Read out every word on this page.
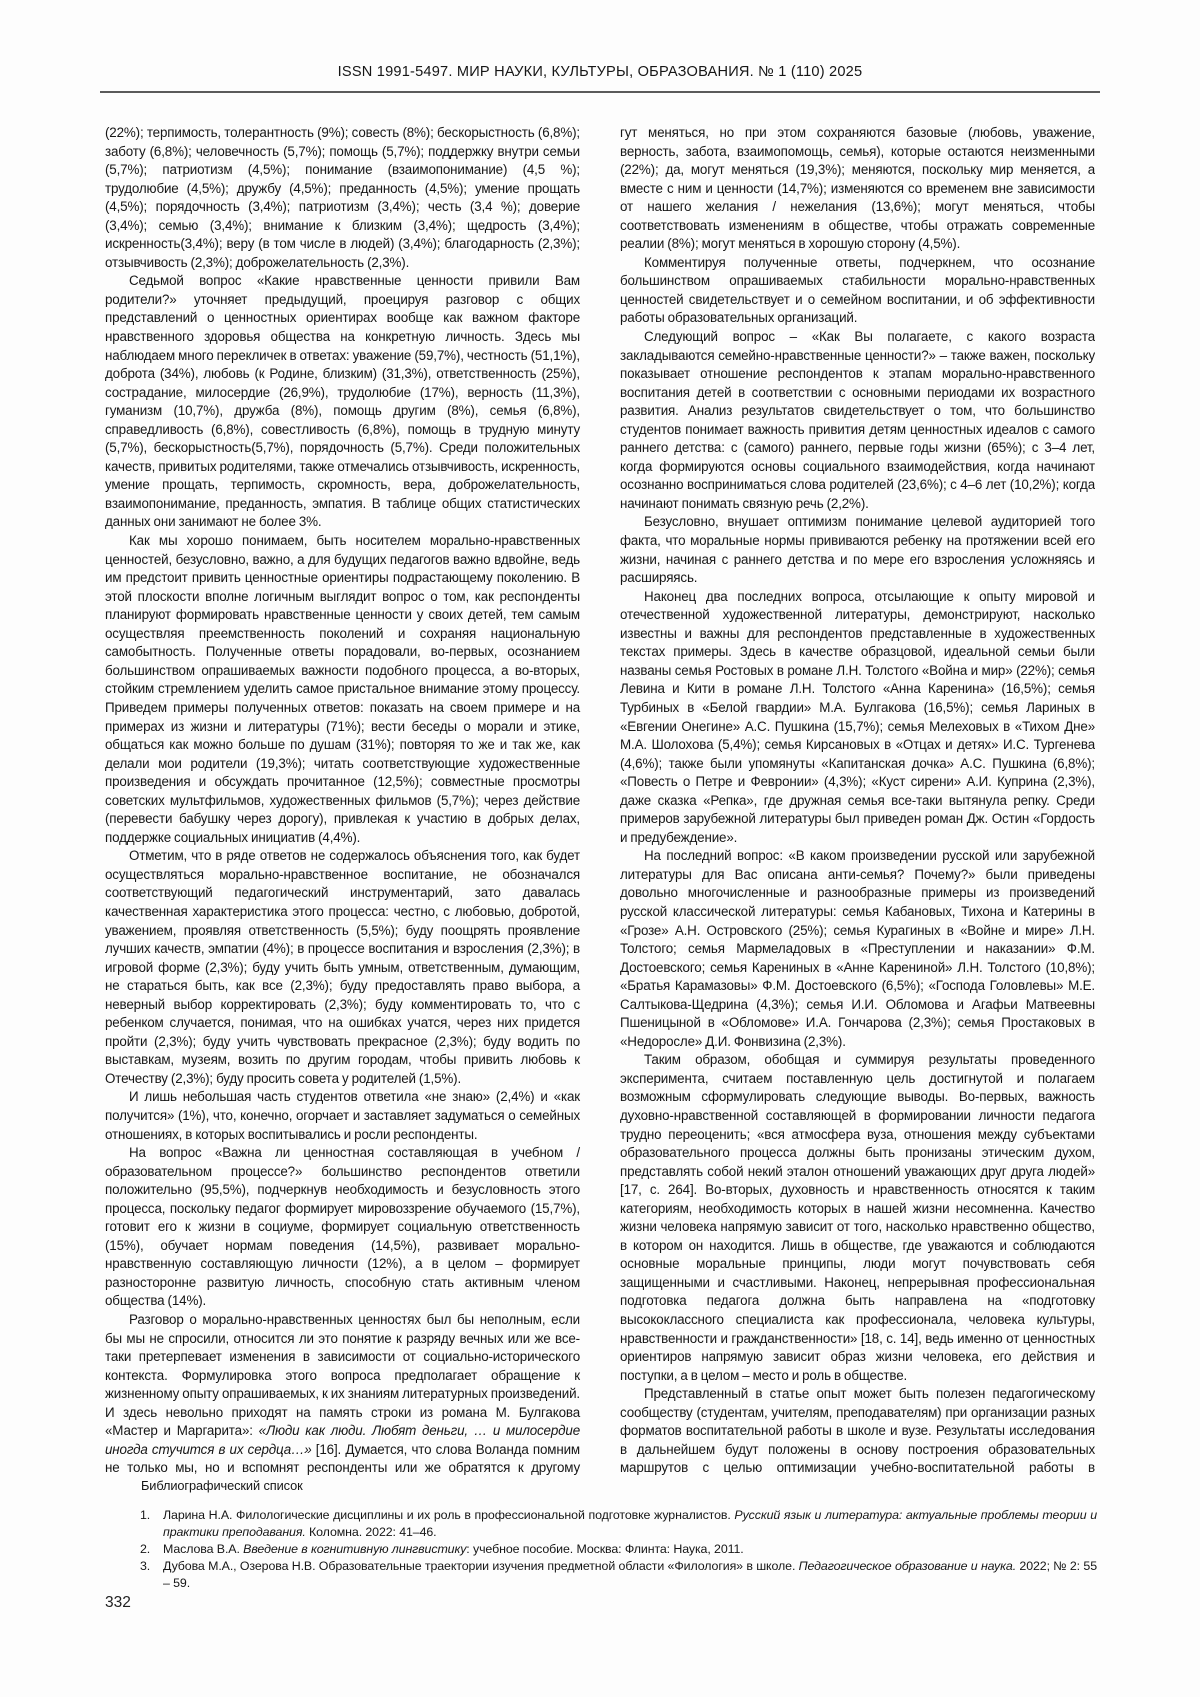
ISSN 1991-5497. МИР НАУКИ, КУЛЬТУРЫ, ОБРАЗОВАНИЯ. № 1 (110) 2025

(22%); терпимость, толерантность (9%); совесть (8%); бескорыстность (6,8%); заботу (6,8%); человечность (5,7%); помощь (5,7%); поддержку внутри семьи (5,7%); патриотизм (4,5%); понимание (взаимопонимание) (4,5 %); трудолюбие (4,5%); дружбу (4,5%); преданность (4,5%); умение прощать (4,5%); порядочность (3,4%); патриотизм (3,4%); честь (3,4 %); доверие (3,4%); семью (3,4%); внимание к близким (3,4%); щедрость (3,4%); искренность(3,4%); веру (в том числе в людей) (3,4%); благодарность (2,3%); отзывчивость (2,3%); доброжелательность (2,3%).

Седьмой вопрос «Какие нравственные ценности привили Вам родители?» уточняет предыдущий, проецируя разговор с общих представлений о ценностных ориентирах вообще как важном факторе нравственного здоровья общества на конкретную личность. Здесь мы наблюдаем много перекличек в ответах: уважение (59,7%), честность (51,1%), доброта (34%), любовь (к Родине, близким) (31,3%), ответственность (25%), сострадание, милосердие (26,9%), трудолюбие (17%), верность (11,3%), гуманизм (10,7%), дружба (8%), помощь другим (8%), семья (6,8%), справедливость (6,8%), совестливость (6,8%), помощь в трудную минуту (5,7%), бескорыстность(5,7%), порядочность (5,7%). Среди положительных качеств, привитых родителями, также отмечались отзывчивость, искренность, умение прощать, терпимость, скромность, вера, доброжелательность, взаимопонимание, преданность, эмпатия. В таблице общих статистических данных они занимают не более 3%.

Как мы хорошо понимаем, быть носителем морально-нравственных ценностей, безусловно, важно, а для будущих педагогов важно вдвойне, ведь им предстоит привить ценностные ориентиры подрастающему поколению. В этой плоскости вполне логичным выглядит вопрос о том, как респонденты планируют формировать нравственные ценности у своих детей, тем самым осуществляя преемственность поколений и сохраняя национальную самобытность. Полученные ответы порадовали, во-первых, осознанием большинством опрашиваемых важности подобного процесса, а во-вторых, стойким стремлением уделить самое пристальное внимание этому процессу. Приведем примеры полученных ответов: показать на своем примере и на примерах из жизни и литературы (71%); вести беседы о морали и этике, общаться как можно больше по душам (31%); повторяя то же и так же, как делали мои родители (19,3%); читать соответствующие художественные произведения и обсуждать прочитанное (12,5%); совместные просмотры советских мультфильмов, художественных фильмов (5,7%); через действие (перевести бабушку через дорогу), привлекая к участию в добрых делах, поддержке социальных инициатив (4,4%).

Отметим, что в ряде ответов не содержалось объяснения того, как будет осуществляться морально-нравственное воспитание, не обозначался соответствующий педагогический инструментарий, зато давалась качественная характеристика этого процесса: честно, с любовью, добротой, уважением, проявляя ответственность (5,5%); буду поощрять проявление лучших качеств, эмпатии (4%); в процессе воспитания и взросления (2,3%); в игровой форме (2,3%); буду учить быть умным, ответственным, думающим, не стараться быть, как все (2,3%); буду предоставлять право выбора, а неверный выбор корректировать (2,3%); буду комментировать то, что с ребенком случается, понимая, что на ошибках учатся, через них придется пройти (2,3%); буду учить чувствовать прекрасное (2,3%); буду водить по выставкам, музеям, возить по другим городам, чтобы привить любовь к Отечеству (2,3%); буду просить совета у родителей (1,5%).

И лишь небольшая часть студентов ответила «не знаю» (2,4%) и «как получится» (1%), что, конечно, огорчает и заставляет задуматься о семейных отношениях, в которых воспитывались и росли респонденты.

На вопрос «Важна ли ценностная составляющая в учебном / образовательном процессе?» большинство респондентов ответили положительно (95,5%), подчеркнув необходимость и безусловность этого процесса, поскольку педагог формирует мировоззрение обучаемого (15,7%), готовит его к жизни в социуме, формирует социальную ответственность (15%), обучает нормам поведения (14,5%), развивает морально-нравственную составляющую личности (12%), а в целом – формирует разносторонне развитую личность, способную стать активным членом общества (14%).

Разговор о морально-нравственных ценностях был бы неполным, если бы мы не спросили, относится ли это понятие к разряду вечных или же все-таки претерпевает изменения в зависимости от социально-исторического контекста. Формулировка этого вопроса предполагает обращение к жизненному опыту опрашиваемых, к их знаниям литературных произведений. И здесь невольно приходят на память строки из романа М. Булгакова «Мастер и Маргарита»: «Люди как люди. Любят деньги, … и милосердие иногда стучится в их сердца…» [16]. Думается, что слова Воланда помним не только мы, но и вспомнят респонденты или же обратятся к другому

гут меняться, но при этом сохраняются базовые (любовь, уважение, верность, забота, взаимопомощь, семья), которые остаются неизменными (22%); да, могут меняться (19,3%); меняются, поскольку мир меняется, а вместе с ним и ценности (14,7%); изменяются со временем вне зависимости от нашего желания / нежелания (13,6%); могут меняться, чтобы соответствовать изменениям в обществе, чтобы отражать современные реалии (8%); могут меняться в хорошую сторону (4,5%).

Комментируя полученные ответы, подчеркнем, что осознание большинством опрашиваемых стабильности морально-нравственных ценностей свидетельствует и о семейном воспитании, и об эффективности работы образовательных организаций.

Следующий вопрос – «Как Вы полагаете, с какого возраста закладываются семейно-нравственные ценности?» – также важен, поскольку показывает отношение респондентов к этапам морально-нравственного воспитания детей в соответствии с основными периодами их возрастного развития. Анализ результатов свидетельствует о том, что большинство студентов понимает важность привития детям ценностных идеалов с самого раннего детства: с (самого) раннего, первые годы жизни (65%); с 3–4 лет, когда формируются основы социального взаимодействия, когда начинают осознанно восприниматься слова родителей (23,6%); с 4–6 лет (10,2%); когда начинают понимать связную речь (2,2%).

Безусловно, внушает оптимизм понимание целевой аудиторией того факта, что моральные нормы прививаются ребенку на протяжении всей его жизни, начиная с раннего детства и по мере его взросления усложняясь и расширяясь.

Наконец два последних вопроса, отсылающие к опыту мировой и отечественной художественной литературы, демонстрируют, насколько известны и важны для респондентов представленные в художественных текстах примеры. Здесь в качестве образцовой, идеальной семьи были названы семья Ростовых в романе Л.Н. Толстого «Война и мир» (22%); семья Левина и Кити в романе Л.Н. Толстого «Анна Каренина» (16,5%); семья Турбиных в «Белой гвардии» М.А. Булгакова (16,5%); семья Лариных в «Евгении Онегине» А.С. Пушкина (15,7%); семья Мелеховых в «Тихом Дне» М.А. Шолохова (5,4%); семья Кирсановых в «Отцах и детях» И.С. Тургенева (4,6%); также были упомянуты «Капитанская дочка» А.С. Пушкина (6,8%); «Повесть о Петре и Февронии» (4,3%); «Куст сирени» А.И. Куприна (2,3%), даже сказка «Репка», где дружная семья все-таки вытянула репку. Среди примеров зарубежной литературы был приведен роман Дж. Остин «Гордость и предубеждение».

На последний вопрос: «В каком произведении русской или зарубежной литературы для Вас описана анти-семья? Почему?» были приведены довольно многочисленные и разнообразные примеры из произведений русской классической литературы: семья Кабановых, Тихона и Катерины в «Грозе» А.Н. Островского (25%); семья Курагиных в «Войне и мире» Л.Н. Толстого; семья Мармеладовых в «Преступлении и наказании» Ф.М. Достоевского; семья Карениных в «Анне Карениной» Л.Н. Толстого (10,8%); «Братья Карамазовы» Ф.М. Достоевского (6,5%); «Господа Головлевы» М.Е. Салтыкова-Щедрина (4,3%); семья И.И. Обломова и Агафьи Матвеевны Пшеницыной в «Обломове» И.А. Гончарова (2,3%); семья Простаковых в «Недоросле» Д.И. Фонвизина (2,3%).

Таким образом, обобщая и суммируя результаты проведенного эксперимента, считаем поставленную цель достигнутой и полагаем возможным сформулировать следующие выводы. Во-первых, важность духовно-нравственной составляющей в формировании личности педагога трудно переоценить; «вся атмосфера вуза, отношения между субъектами образовательного процесса должны быть пронизаны этическим духом, представлять собой некий эталон отношений уважающих друг друга людей» [17, с. 264]. Во-вторых, духовность и нравственность относятся к таким категориям, необходимость которых в нашей жизни несомненна. Качество жизни человека напрямую зависит от того, насколько нравственно общество, в котором он находится. Лишь в обществе, где уважаются и соблюдаются основные моральные принципы, люди могут почувствовать себя защищенными и счастливыми. Наконец, непрерывная профессиональная подготовка педагога должна быть направлена на «подготовку высококлассного специалиста как профессионала, человека культуры, нравственности и гражданственности» [18, с. 14], ведь именно от ценностных ориентиров напрямую зависит образ жизни человека, его действия и поступки, а в целом – место и роль в обществе.

Представленный в статье опыт может быть полезен педагогическому сообществу (студентам, учителям, преподавателям) при организации разных форматов воспитательной работы в школе и вузе. Результаты исследования в дальнейшем будут положены в основу построения образовательных маршрутов с целью оптимизации учебно-воспитательной работы в

Библиографический список
1.	Ларина Н.А. Филологические дисциплины и их роль в профессиональной подготовке журналистов. Русский язык и литература: актуальные проблемы теории и практики преподавания. Коломна. 2022: 41–46.
2.	Маслова В.А. Введение в когнитивную лингвистику: учебное пособие. Москва: Флинта: Наука, 2011.
3.	Дубова М.А., Озерова Н.В. Образовательные траектории изучения предметной области «Филология» в школе. Педагогическое образование и наука. 2022; № 2: 55 – 59.
332
